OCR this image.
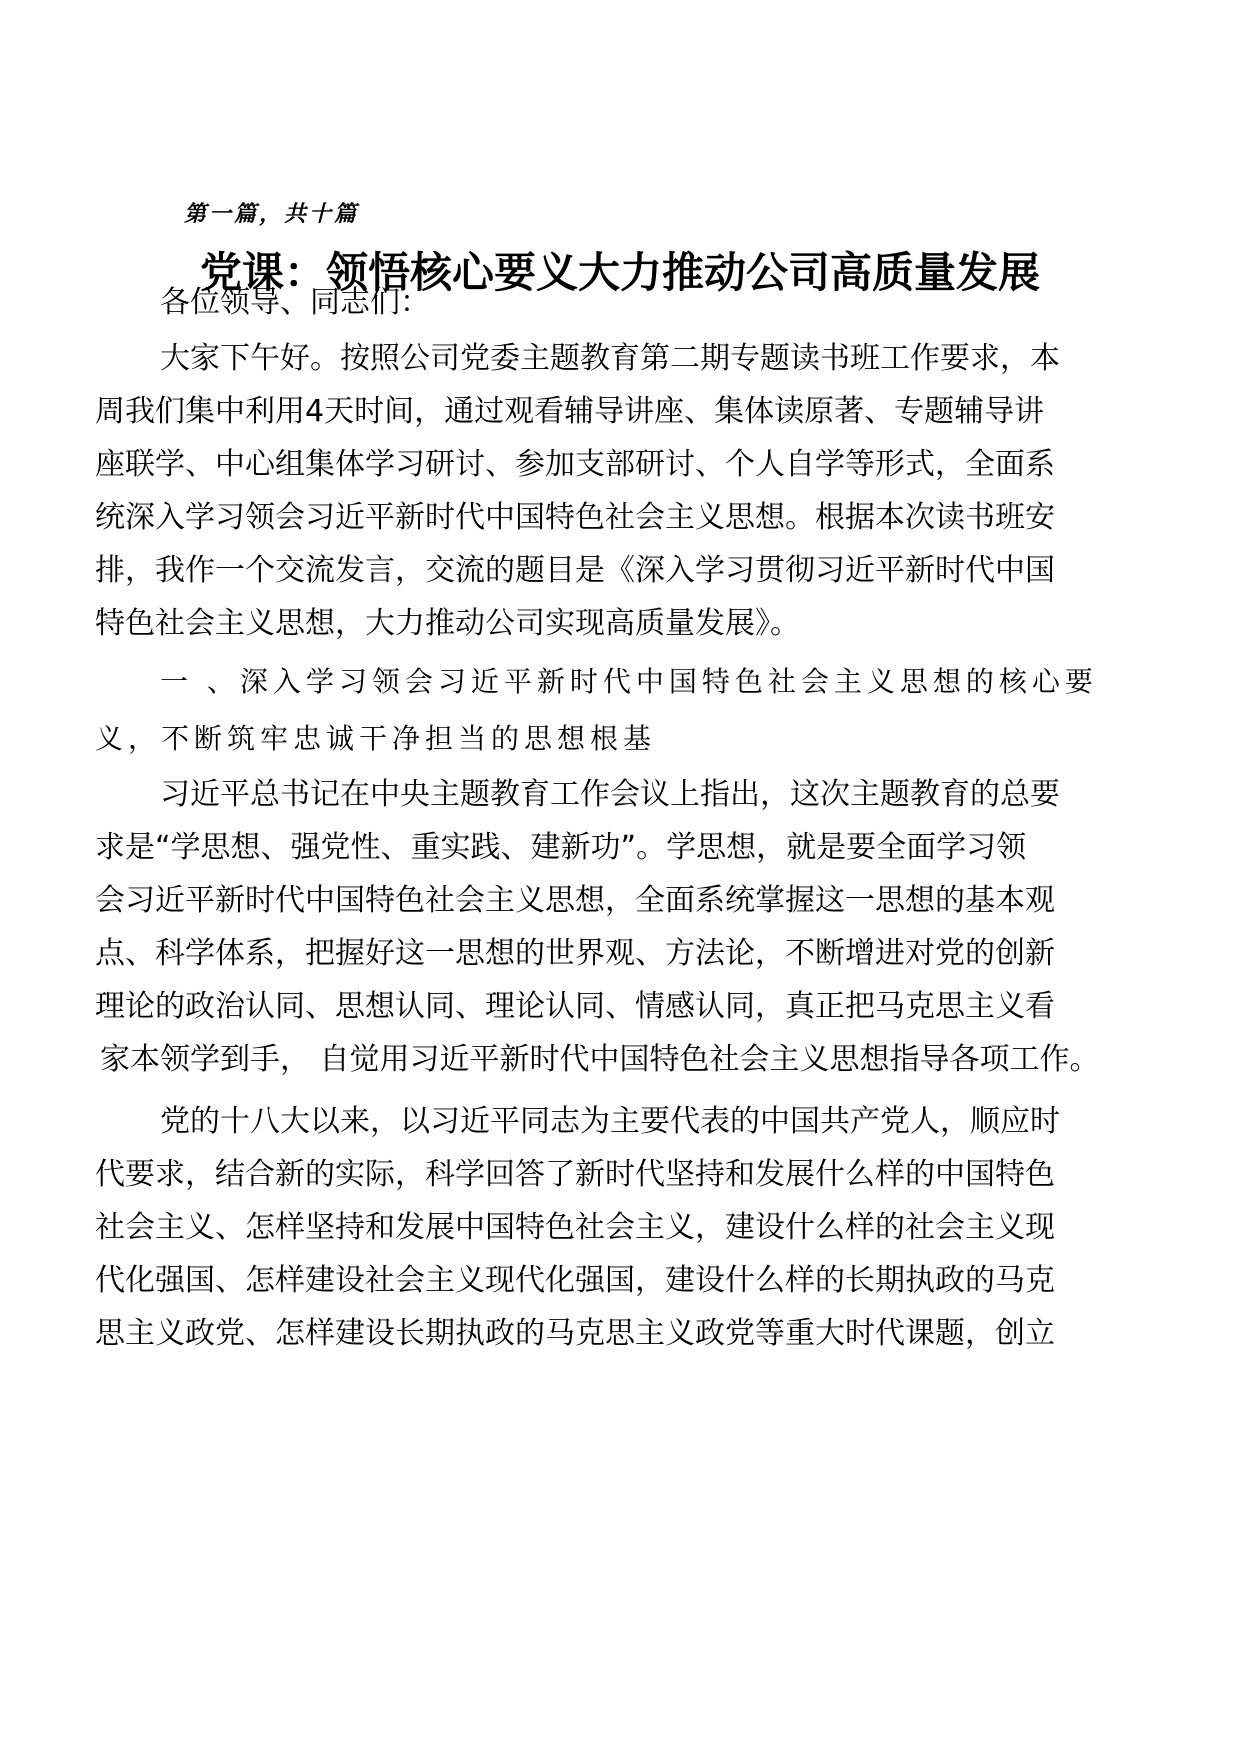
第一篇，共十篇
党课：领悟核心要义大力推动公司高质量发展
各位领导、同志们：
大家下午好。按照公司党委主题教育第二期专题读书班工作要求，本
周我们集中利用4天时间，通过观看辅导讲座、集体读原著、专题辅导讲
座联学、中心组集体学习研讨、参加支部研讨、个人自学等形式，全面系
统深入学习领会习近平新时代中国特色社会主义思想。根据本次读书班安
排，我作一个交流发言，交流的题目是《深入学习贯彻习近平新时代中国
特色社会主义思想，大力推动公司实现高质量发展》。
一 、深入学习领会习近平新时代中国特色社会主义思想的核心要
义，不断筑牢忠诚干净担当的思想根基
习近平总书记在中央主题教育工作会议上指出，这次主题教育的总要
求是“学思想、强党性、重实践、建新功”。学思想，就是要全面学习领
会习近平新时代中国特色社会主义思想，全面系统掌握这一思想的基本观
点、科学体系，把握好这一思想的世界观、方法论，不断增进对党的创新
理论的政治认同、思想认同、理论认同、情感认同，真正把马克思主义看
家本领学到手， 自觉用习近平新时代中国特色社会主义思想指导各项工作。
党的十八大以来，以习近平同志为主要代表的中国共产党人，顺应时
代要求，结合新的实际，科学回答了新时代坚持和发展什么样的中国特色
社会主义、怎样坚持和发展中国特色社会主义，建设什么样的社会主义现
代化强国、怎样建设社会主义现代化强国，建设什么样的长期执政的马克
思主义政党、怎样建设长期执政的马克思主义政党等重大时代课题，创立
